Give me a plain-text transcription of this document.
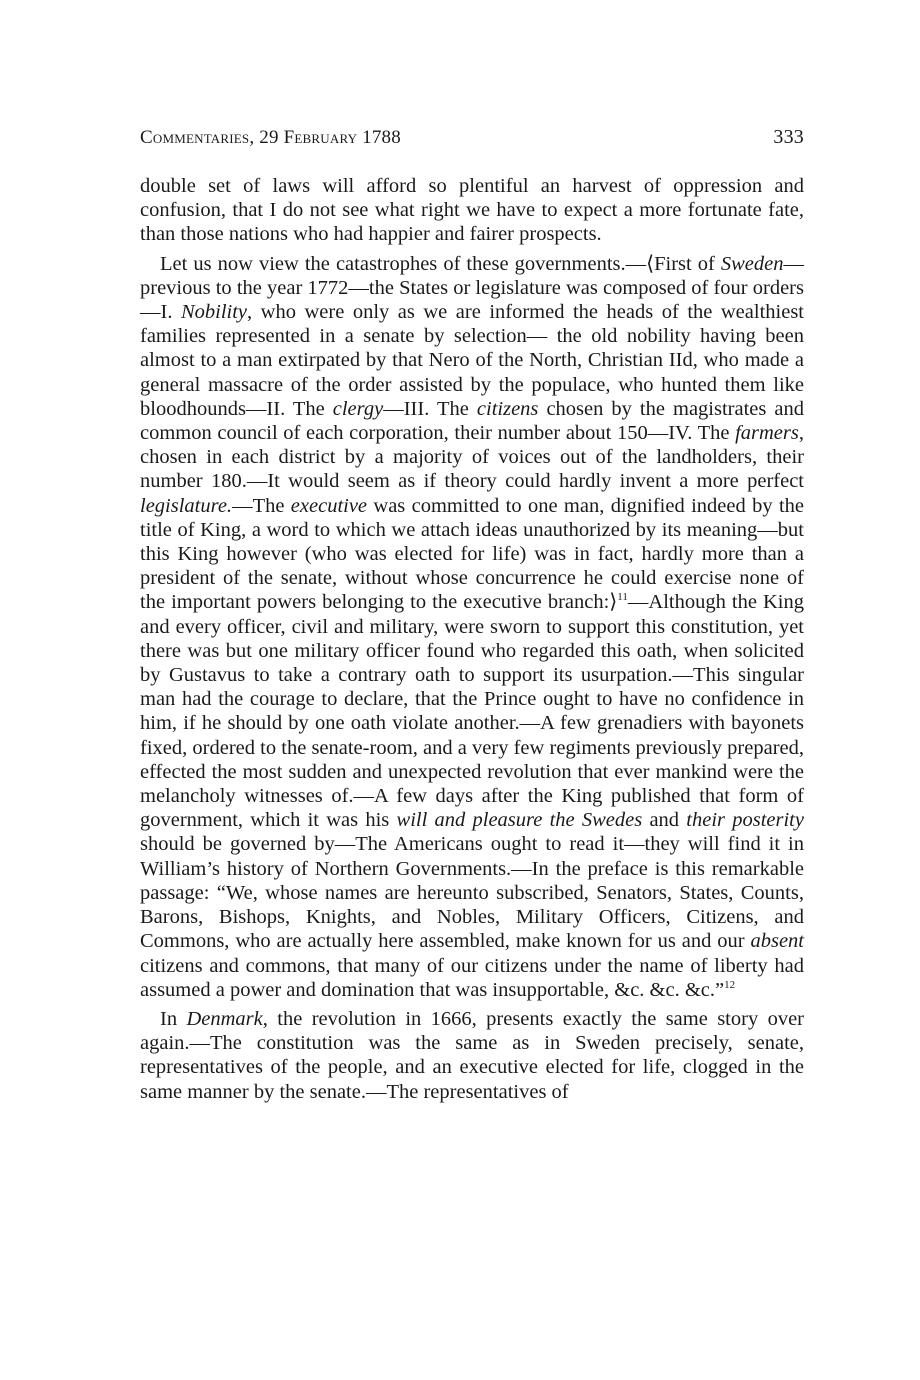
Commentaries, 29 February 1788	333

double set of laws will afford so plentiful an harvest of oppression and confusion, that I do not see what right we have to expect a more fortunate fate, than those nations who had happier and fairer prospects.

Let us now view the catastrophes of these governments.—⟨First of Sweden—previous to the year 1772—the States or legislature was composed of four orders—I. Nobility, who were only as we are informed the heads of the wealthiest families represented in a senate by selection— the old nobility having been almost to a man extirpated by that Nero of the North, Christian IId, who made a general massacre of the order assisted by the populace, who hunted them like bloodhounds—II. The clergy—III. The citizens chosen by the magistrates and common council of each corporation, their number about 150—IV. The farmers, chosen in each district by a majority of voices out of the landholders, their number 180.—It would seem as if theory could hardly invent a more perfect legislature.—The executive was committed to one man, dignified indeed by the title of King, a word to which we attach ideas unauthorized by its meaning—but this King however (who was elected for life) was in fact, hardly more than a president of the senate, without whose concurrence he could exercise none of the important powers belonging to the executive branch:⟩$^{11}$—Although the King and every officer, civil and military, were sworn to support this constitution, yet there was but one military officer found who regarded this oath, when solicited by Gustavus to take a contrary oath to support its usurpation.—This singular man had the courage to declare, that the Prince ought to have no confidence in him, if he should by one oath violate another.—A few grenadiers with bayonets fixed, ordered to the senate-room, and a very few regiments previously prepared, effected the most sudden and unexpected revolution that ever mankind were the melancholy witnesses of.—A few days after the King published that form of government, which it was his will and pleasure the Swedes and their posterity should be governed by—The Americans ought to read it—they will find it in William’s history of Northern Governments.—In the preface is this remarkable passage: “We, whose names are hereunto subscribed, Senators, States, Counts, Barons, Bishops, Knights, and Nobles, Military Officers, Citizens, and Commons, who are actually here assembled, make known for us and our absent citizens and commons, that many of our citizens under the name of liberty had assumed a power and domination that was insupportable, &c. &c. &c.”$^{12}$

In Denmark, the revolution in 1666, presents exactly the same story over again.—The constitution was the same as in Sweden precisely, senate, representatives of the people, and an executive elected for life, clogged in the same manner by the senate.—The representatives of
